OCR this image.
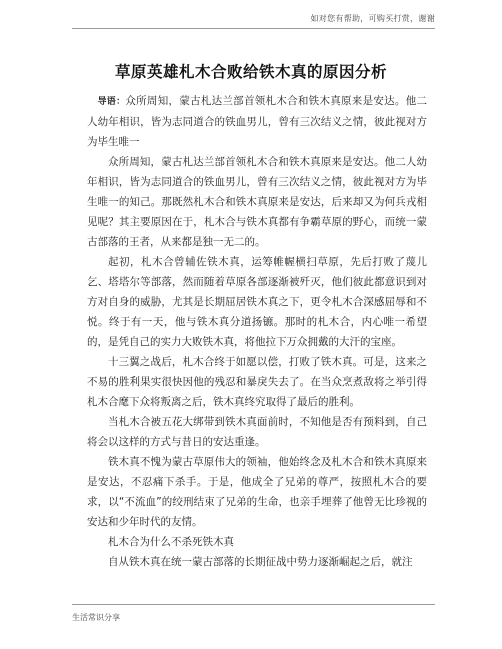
如对您有帮助，可购买打赏，谢谢
草原英雄札木合败给铁木真的原因分析

导语：众所周知，蒙古札达兰部首领札木合和铁木真原来是安达。他二人幼年相识，皆为志同道合的铁血男儿，曾有三次结义之情，彼此视对方为毕生唯一

众所周知，蒙古札达兰部首领札木合和铁木真原来是安达。他二人幼年相识，皆为志同道合的铁血男儿，曾有三次结义之情，彼此视对方为毕生唯一的知己。那既然札木合和铁木真原来是安达，后来却又为何兵戎相见呢？其主要原因在于，札木合与铁木真都有争霸草原的野心，而统一蒙古部落的王者，从来都是独一无二的。

起初，札木合曾辅佐铁木真，运筹帷幄横扫草原，先后打败了蔑儿乞、塔塔尔等部落，然而随着草原各部逐渐被歼灭，他们彼此都意识到对方对自身的威胁，尤其是长期屈居铁木真之下，更令札木合深感屈辱和不悦。终于有一天，他与铁木真分道扬镳。那时的札木合，内心唯一希望的，是凭自己的实力大败铁木真，将他拉下万众拥戴的大汗的宝座。

十三翼之战后，札木合终于如愿以偿，打败了铁木真。可是，这来之不易的胜利果实很快因他的残忍和暴戾失去了。在当众烹煮敌将之举引得札木合麾下众将叛离之后，铁木真终究取得了最后的胜利。

当札木合被五花大绑带到铁木真面前时，不知他是否有预料到，自己将会以这样的方式与昔日的安达重逢。

铁木真不愧为蒙古草原伟大的领袖，他始终念及札木合和铁木真原来是安达，不忍痛下杀手。于是，他成全了兄弟的尊严，按照札木合的要求，以“不流血”的绞刑结束了兄弟的生命，也亲手埋葬了他曾无比珍视的安达和少年时代的友情。

札木合为什么不杀死铁木真

自从铁木真在统一蒙古部落的长期征战中势力逐渐崛起之后，就注

生活常识分享
